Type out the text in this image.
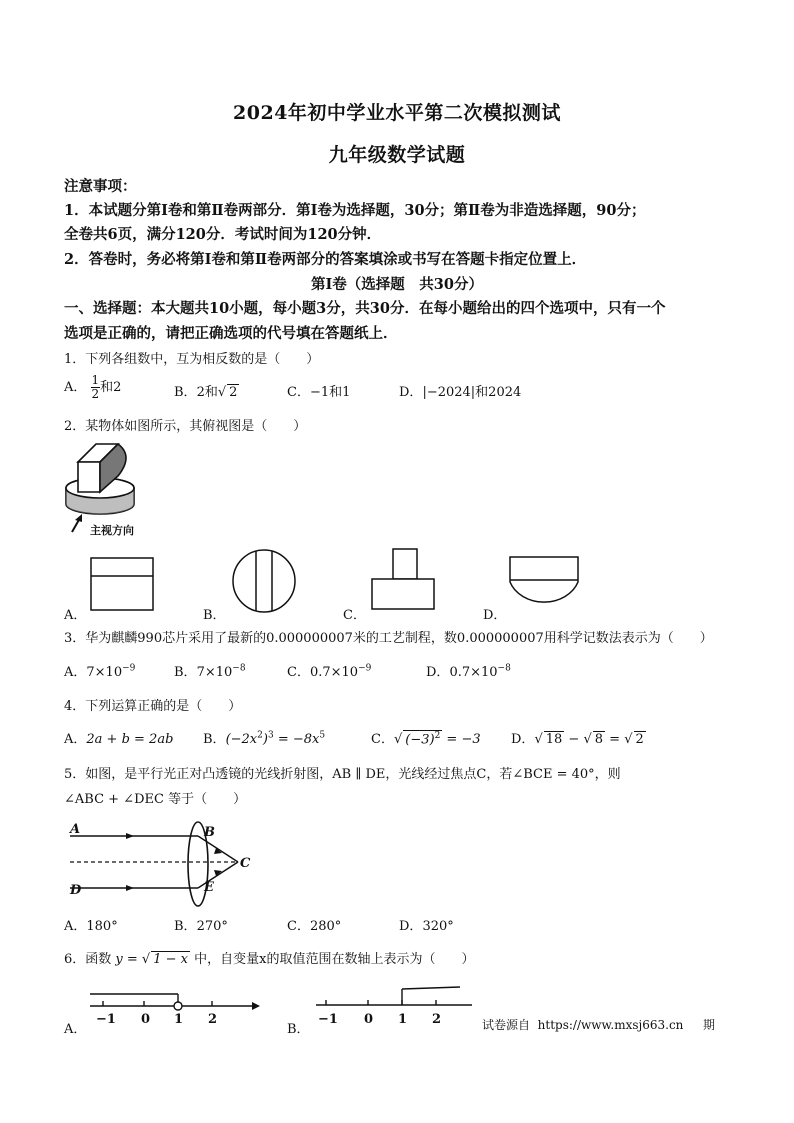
2024年初中学业水平第二次模拟测试
九年级数学试题
注意事项：
1．本试题分第Ⅰ卷和第Ⅱ卷两部分．第Ⅰ卷为选择题，30分；第Ⅱ卷为非造选择题，90分；
全卷共6页，满分120分．考试时间为120分钟．
2．答卷时，务必将第Ⅰ卷和第Ⅱ卷两部分的答案填涂或书写在答题卡指定位置上．
第Ⅰ卷（选择题　共30分）
一、选择题：本大题共10小题，每小题3分，共30分．在每小题给出的四个选项中，只有一个
选项是正确的，请把正确选项的代号填在答题纸上．
1．下列各组数中，互为相反数的是（　　）
A． $\frac{1}{2}$ 和2	B．2和√ 2	C．−1和1	D．|−2024|和2024
2．某物体如图所示，其俯视图是（　　）
主视方向
A．	B．	C．	D．
3．华为麒麟990芯片采用了最新的0.000000007米的工艺制程，数0.000000007用科学记数法表示为（　　）
A．$7\times 10^{-9}$	B．$7\times 10^{-8}$	C．$0.7\times 10^{-9}$	D．$0.7\times 10^{-8}$
4．下列运算正确的是（　　）
A．2a + b = 2ab B．$(-2x^2)^3 = -8x^5$	C．√ $(-3)^2 = -3$ D．√ 18 − √ 8 = √ 2
5．如图，是平行光正对凸透镜的光线折射图，AB ∥ DE，光线经过焦点C，若∠BCE = 40°，则
∠ABC + ∠DEC 等于（　　）
A	B
C
D	E
A．180°	B．270°	C．280°	D．320°
6．函数 y = √ 1 − x 中，自变量x的取值范围在数轴上表示为（　　）
−1 0 1 2
A．
−1 0 1 2
B．	试卷源自 https://www.mxsj663.cn 期
